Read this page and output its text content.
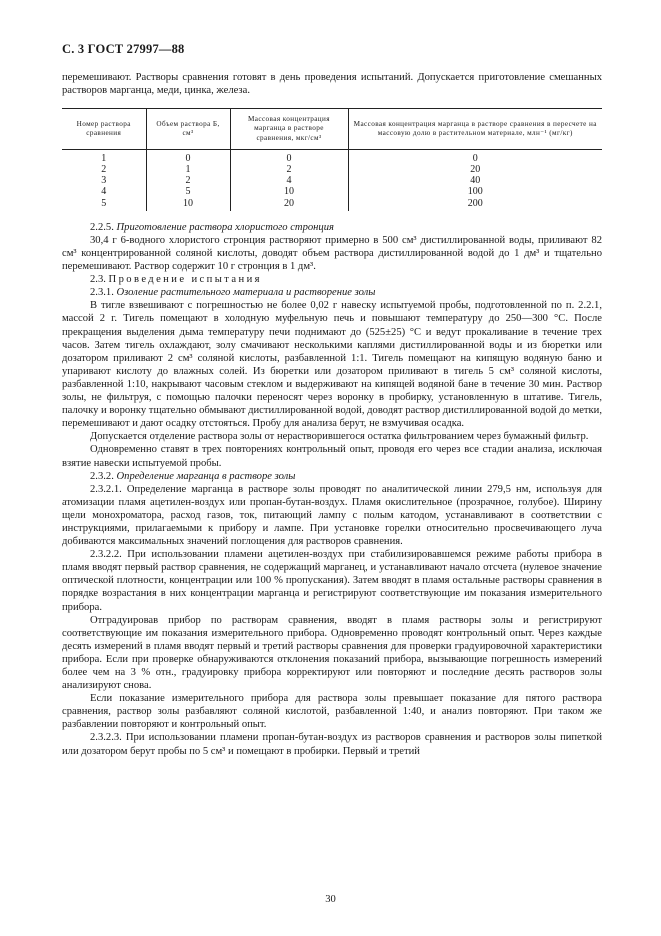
С. 3 ГОСТ 27997—88

перемешивают. Растворы сравнения готовят в день проведения испытаний. Допускается приготовление смешанных растворов марганца, меди, цинка, железа.

Номер раствора сравнения	Объем раствора Б, см³	Массовая концентрация марганца в растворе сравнения, мкг/см³	Массовая концентрация марганца в растворе сравнения в пересчете на массовую долю в растительном материале, млн⁻¹ (мг/кг)
1	0	0	0
2	1	2	20
3	2	4	40
4	5	10	100
5	10	20	200

2.2.5. Приготовление раствора хлористого стронция

30,4 г 6-водного хлористого стронция растворяют примерно в 500 см³ дистиллированной воды, приливают 82 см³ концентрированной соляной кислоты, доводят объем раствора дистиллированной водой до 1 дм³ и тщательно перемешивают. Раствор содержит 10 г стронция в 1 дм³.

2.3. Проведение испытания

2.3.1. Озоление растительного материала и растворение золы

В тигле взвешивают с погрешностью не более 0,02 г навеску испытуемой пробы, подготовленной по п. 2.2.1, массой 2 г. Тигель помещают в холодную муфельную печь и повышают температуру до 250—300 °С. После прекращения выделения дыма температуру печи поднимают до (525±25) °С и ведут прокаливание в течение трех часов. Затем тигель охлаждают, золу смачивают несколькими каплями дистиллированной воды и из бюретки или дозатором приливают 2 см³ соляной кислоты, разбавленной 1:1. Тигель помещают на кипящую водяную баню и упаривают кислоту до влажных солей. Из бюретки или дозатором приливают в тигель 5 см³ соляной кислоты, разбавленной 1:10, накрывают часовым стеклом и выдерживают на кипящей водяной бане в течение 30 мин. Раствор золы, не фильтруя, с помощью палочки переносят через воронку в пробирку, установленную в штативе. Тигель, палочку и воронку тщательно обмывают дистиллированной водой, доводят раствор дистиллированной водой до метки, перемешивают и дают осадку отстояться. Пробу для анализа берут, не взмучивая осадка.

Допускается отделение раствора золы от нерастворившегося остатка фильтрованием через бумажный фильтр.

Одновременно ставят в трех повторениях контрольный опыт, проводя его через все стадии анализа, исключая взятие навески испытуемой пробы.

2.3.2. Определение марганца в растворе золы

2.3.2.1. Определение марганца в растворе золы проводят по аналитической линии 279,5 нм, используя для атомизации пламя ацетилен-воздух или пропан-бутан-воздух. Пламя окислительное (прозрачное, голубое). Ширину щели монохроматора, расход газов, ток, питающий лампу с полым катодом, устанавливают в соответствии с инструкциями, прилагаемыми к прибору и лампе. При установке горелки относительно просвечивающего луча добиваются максимальных значений поглощения для растворов сравнения.

2.3.2.2. При использовании пламени ацетилен-воздух при стабилизировавшемся режиме работы прибора в пламя вводят первый раствор сравнения, не содержащий марганец, и устанавливают начало отсчета (нулевое значение оптической плотности, концентрации или 100 % пропускания). Затем вводят в пламя остальные растворы сравнения в порядке возрастания в них концентрации марганца и регистрируют соответствующие им показания измерительного прибора.

Отградуировав прибор по растворам сравнения, вводят в пламя растворы золы и регистрируют соответствующие им показания измерительного прибора. Одновременно проводят контрольный опыт. Через каждые десять измерений в пламя вводят первый и третий растворы сравнения для проверки градуировочной характеристики прибора. Если при проверке обнаруживаются отклонения показаний прибора, вызывающие погрешность измерений более чем на 3 % отн., градуировку прибора корректируют или повторяют и последние десять растворов золы анализируют снова.

Если показание измерительного прибора для раствора золы превышает показание для пятого раствора сравнения, раствор золы разбавляют соляной кислотой, разбавленной 1:40, и анализ повторяют. При таком же разбавлении повторяют и контрольный опыт.

2.3.2.3. При использовании пламени пропан-бутан-воздух из растворов сравнения и растворов золы пипеткой или дозатором берут пробы по 5 см³ и помещают в пробирки. Первый и третий

30
